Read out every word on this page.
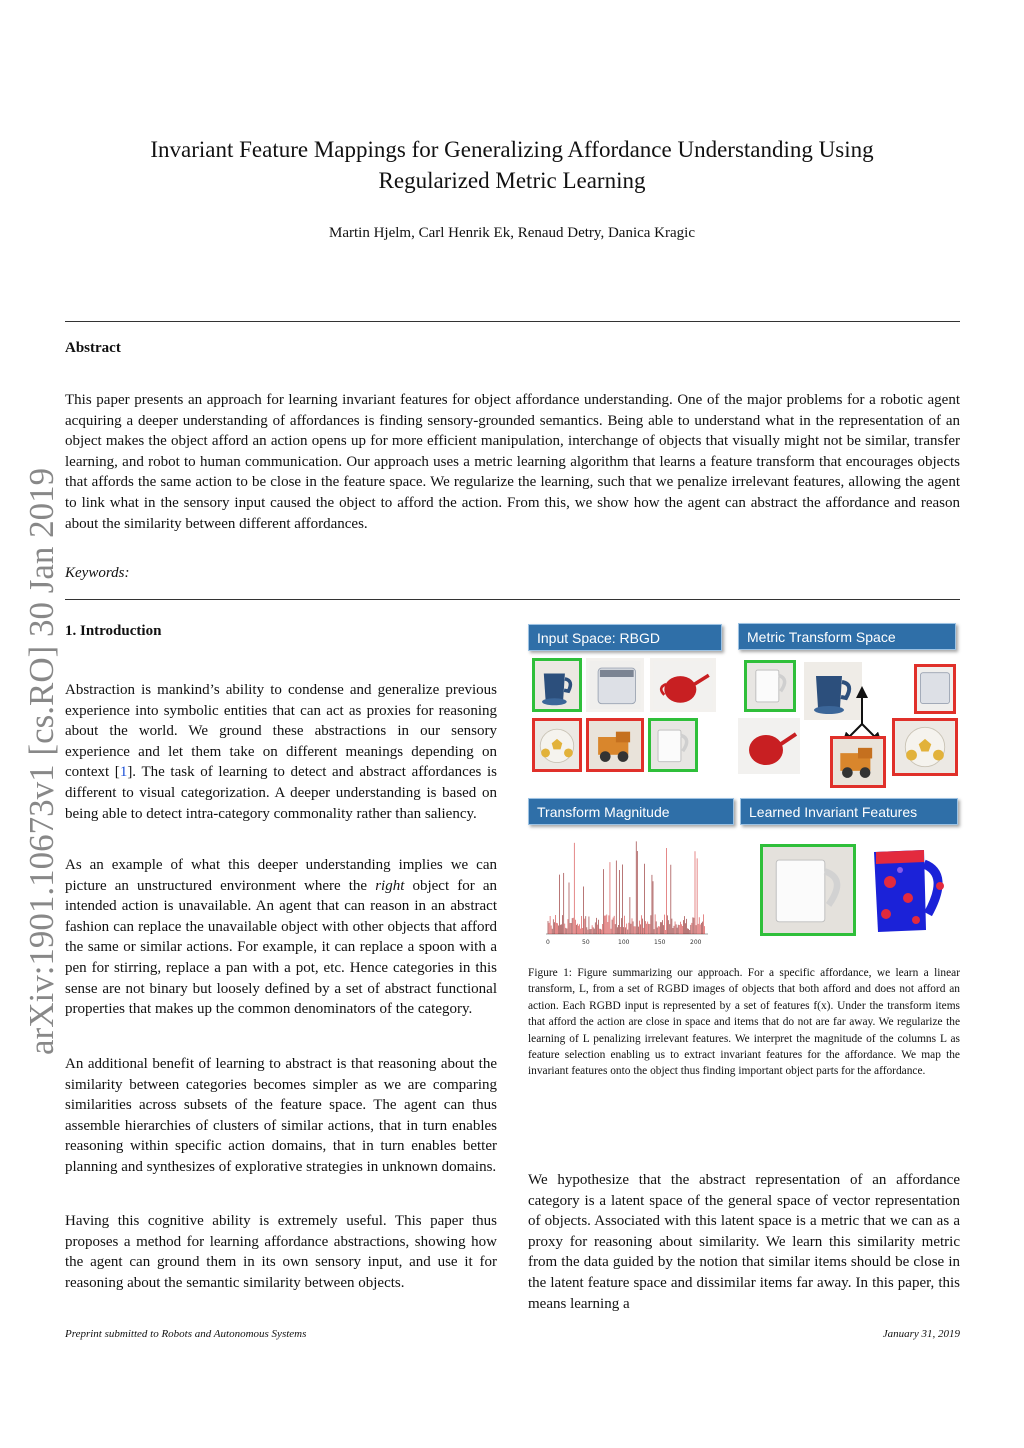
arXiv:1901.10673v1 [cs.RO] 30 Jan 2019
Invariant Feature Mappings for Generalizing Affordance Understanding Using Regularized Metric Learning
Martin Hjelm, Carl Henrik Ek, Renaud Detry, Danica Kragic
Abstract

This paper presents an approach for learning invariant features for object affordance understanding. One of the major problems for a robotic agent acquiring a deeper understanding of affordances is finding sensory-grounded semantics. Being able to understand what in the representation of an object makes the object afford an action opens up for more efficient manipulation, interchange of objects that visually might not be similar, transfer learning, and robot to human communication. Our approach uses a metric learning algorithm that learns a feature transform that encourages objects that affords the same action to be close in the feature space. We regularize the learning, such that we penalize irrelevant features, allowing the agent to link what in the sensory input caused the object to afford the action. From this, we show how the agent can abstract the affordance and reason about the similarity between different affordances.

Keywords:
1. Introduction

Abstraction is mankind’s ability to condense and generalize previous experience into symbolic entities that can act as proxies for reasoning about the world. We ground these abstractions in our sensory experience and let them take on different meanings depending on context [1]. The task of learning to detect and abstract affordances is different to visual categorization. A deeper understanding is based on being able to detect intra-category commonality rather than saliency.

As an example of what this deeper understanding implies we can picture an unstructured environment where the right object for an intended action is unavailable. An agent that can reason in an abstract fashion can replace the unavailable object with other objects that afford the same or similar actions. For example, it can replace a spoon with a pen for stirring, replace a pan with a pot, etc. Hence categories in this sense are not binary but loosely defined by a set of abstract functional properties that makes up the common denominators of the category.

An additional benefit of learning to abstract is that reasoning about the similarity between categories becomes simpler as we are comparing similarities across subsets of the feature space. The agent can thus assemble hierarchies of clusters of similar actions, that in turn enables reasoning within specific action domains, that in turn enables better planning and synthesizes of explorative strategies in unknown domains.

Having this cognitive ability is extremely useful. This paper thus proposes a method for learning affordance abstractions, showing how the agent can ground them in its own sensory input, and use it for reasoning about the semantic similarity between objects.

Input Space: RBGD	Metric Transform Space
Transform Magnitude
0	50	100	150	200
Learned Invariant Features

Figure 1: Figure summarizing our approach. For a specific affordance, we learn a linear transform, L, from a set of RGBD images of objects that both afford and does not afford an action. Each RGBD input is represented by a set of features f(x). Under the transform items that afford the action are close in space and items that do not are far away. We regularize the learning of L penalizing irrelevant features. We interpret the magnitude of the columns L as feature selection enabling us to extract invariant features for the affordance. We map the invariant features onto the object thus finding important object parts for the affordance.

We hypothesize that the abstract representation of an affordance category is a latent space of the general space of vector representation of objects. Associated with this latent space is a metric that we can as a proxy for reasoning about similarity. We learn this similarity metric from the data guided by the notion that similar items should be close in the latent feature space and dissimilar items far away. In this paper, this means learning a

Preprint submitted to Robots and Autonomous Systems	January 31, 2019
